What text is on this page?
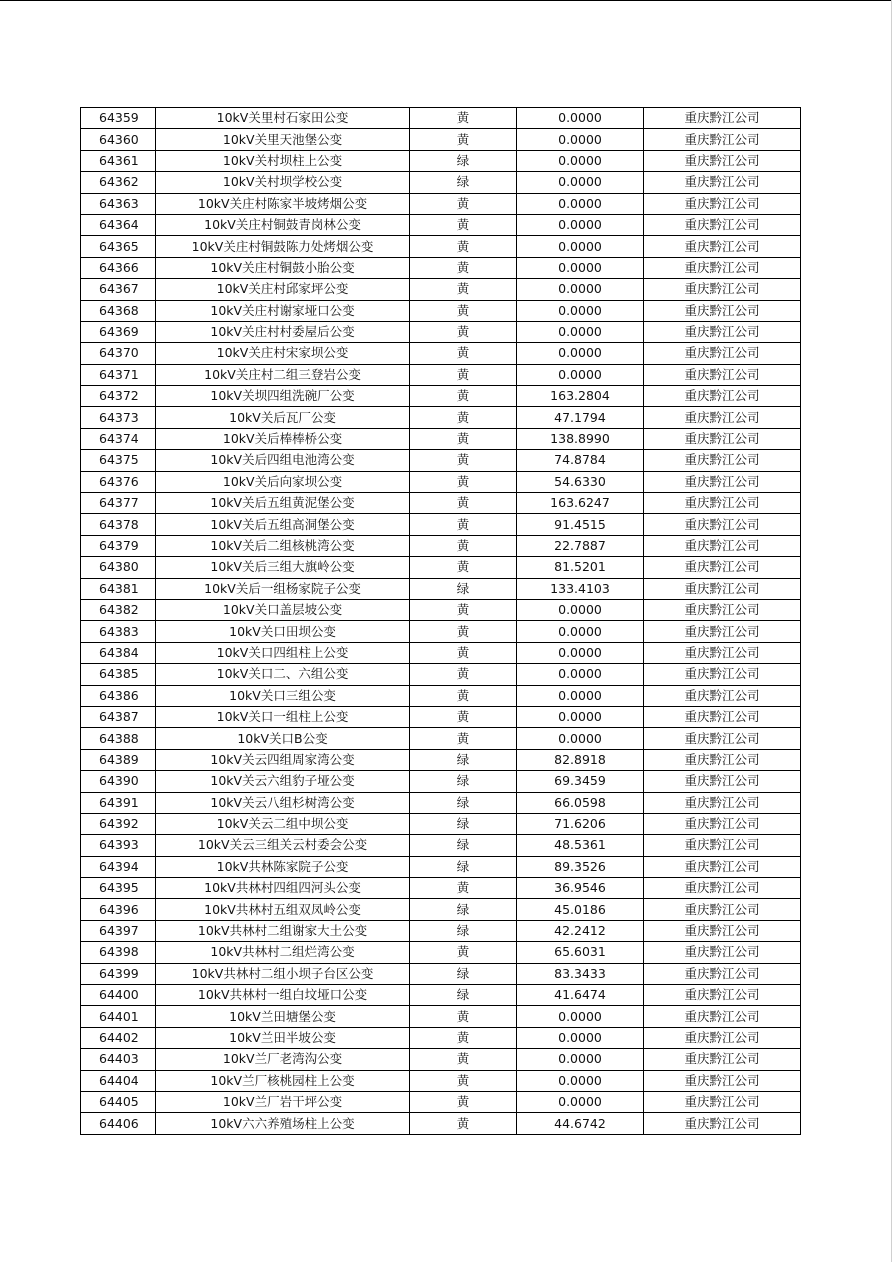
64359	10kV关里村石家田公变	黄	0.0000	重庆黔江公司
64360	10kV关里天池堡公变	黄	0.0000	重庆黔江公司
64361	10kV关村坝柱上公变	绿	0.0000	重庆黔江公司
64362	10kV关村坝学校公变	绿	0.0000	重庆黔江公司
64363	10kV关庄村陈家半坡烤烟公变	黄	0.0000	重庆黔江公司
64364	10kV关庄村铜鼓青岗林公变	黄	0.0000	重庆黔江公司
64365	10kV关庄村铜鼓陈力处烤烟公变	黄	0.0000	重庆黔江公司
64366	10kV关庄村铜鼓小胎公变	黄	0.0000	重庆黔江公司
64367	10kV关庄村邱家坪公变	黄	0.0000	重庆黔江公司
64368	10kV关庄村谢家垭口公变	黄	0.0000	重庆黔江公司
64369	10kV关庄村村委屋后公变	黄	0.0000	重庆黔江公司
64370	10kV关庄村宋家坝公变	黄	0.0000	重庆黔江公司
64371	10kV关庄村二组三登岩公变	黄	0.0000	重庆黔江公司
64372	10kV关坝四组洗碗厂公变	黄	163.2804	重庆黔江公司
64373	10kV关后瓦厂公变	黄	47.1794	重庆黔江公司
64374	10kV关后棒棒桥公变	黄	138.8990	重庆黔江公司
64375	10kV关后四组电池湾公变	黄	74.8784	重庆黔江公司
64376	10kV关后向家坝公变	黄	54.6330	重庆黔江公司
64377	10kV关后五组黄泥堡公变	黄	163.6247	重庆黔江公司
64378	10kV关后五组高洞堡公变	黄	91.4515	重庆黔江公司
64379	10kV关后二组核桃湾公变	黄	22.7887	重庆黔江公司
64380	10kV关后三组大旗岭公变	黄	81.5201	重庆黔江公司
64381	10kV关后一组杨家院子公变	绿	133.4103	重庆黔江公司
64382	10kV关口盖层坡公变	黄	0.0000	重庆黔江公司
64383	10kV关口田坝公变	黄	0.0000	重庆黔江公司
64384	10kV关口四组柱上公变	黄	0.0000	重庆黔江公司
64385	10kV关口二、六组公变	黄	0.0000	重庆黔江公司
64386	10kV关口三组公变	黄	0.0000	重庆黔江公司
64387	10kV关口一组柱上公变	黄	0.0000	重庆黔江公司
64388	10kV关口B公变	黄	0.0000	重庆黔江公司
64389	10kV关云四组周家湾公变	绿	82.8918	重庆黔江公司
64390	10kV关云六组豹子垭公变	绿	69.3459	重庆黔江公司
64391	10kV关云八组杉树湾公变	绿	66.0598	重庆黔江公司
64392	10kV关云二组中坝公变	绿	71.6206	重庆黔江公司
64393	10kV关云三组关云村委会公变	绿	48.5361	重庆黔江公司
64394	10kV共林陈家院子公变	绿	89.3526	重庆黔江公司
64395	10kV共林村四组四河头公变	黄	36.9546	重庆黔江公司
64396	10kV共林村五组双凤岭公变	绿	45.0186	重庆黔江公司
64397	10kV共林村二组谢家大土公变	绿	42.2412	重庆黔江公司
64398	10kV共林村二组烂湾公变	黄	65.6031	重庆黔江公司
64399	10kV共林村二组小坝子台区公变	绿	83.3433	重庆黔江公司
64400	10kV共林村一组白坟垭口公变	绿	41.6474	重庆黔江公司
64401	10kV兰田塘堡公变	黄	0.0000	重庆黔江公司
64402	10kV兰田半坡公变	黄	0.0000	重庆黔江公司
64403	10kV兰厂老湾沟公变	黄	0.0000	重庆黔江公司
64404	10kV兰厂核桃园柱上公变	黄	0.0000	重庆黔江公司
64405	10kV兰厂岩干坪公变	黄	0.0000	重庆黔江公司
64406	10kV六六养殖场柱上公变	黄	44.6742	重庆黔江公司
